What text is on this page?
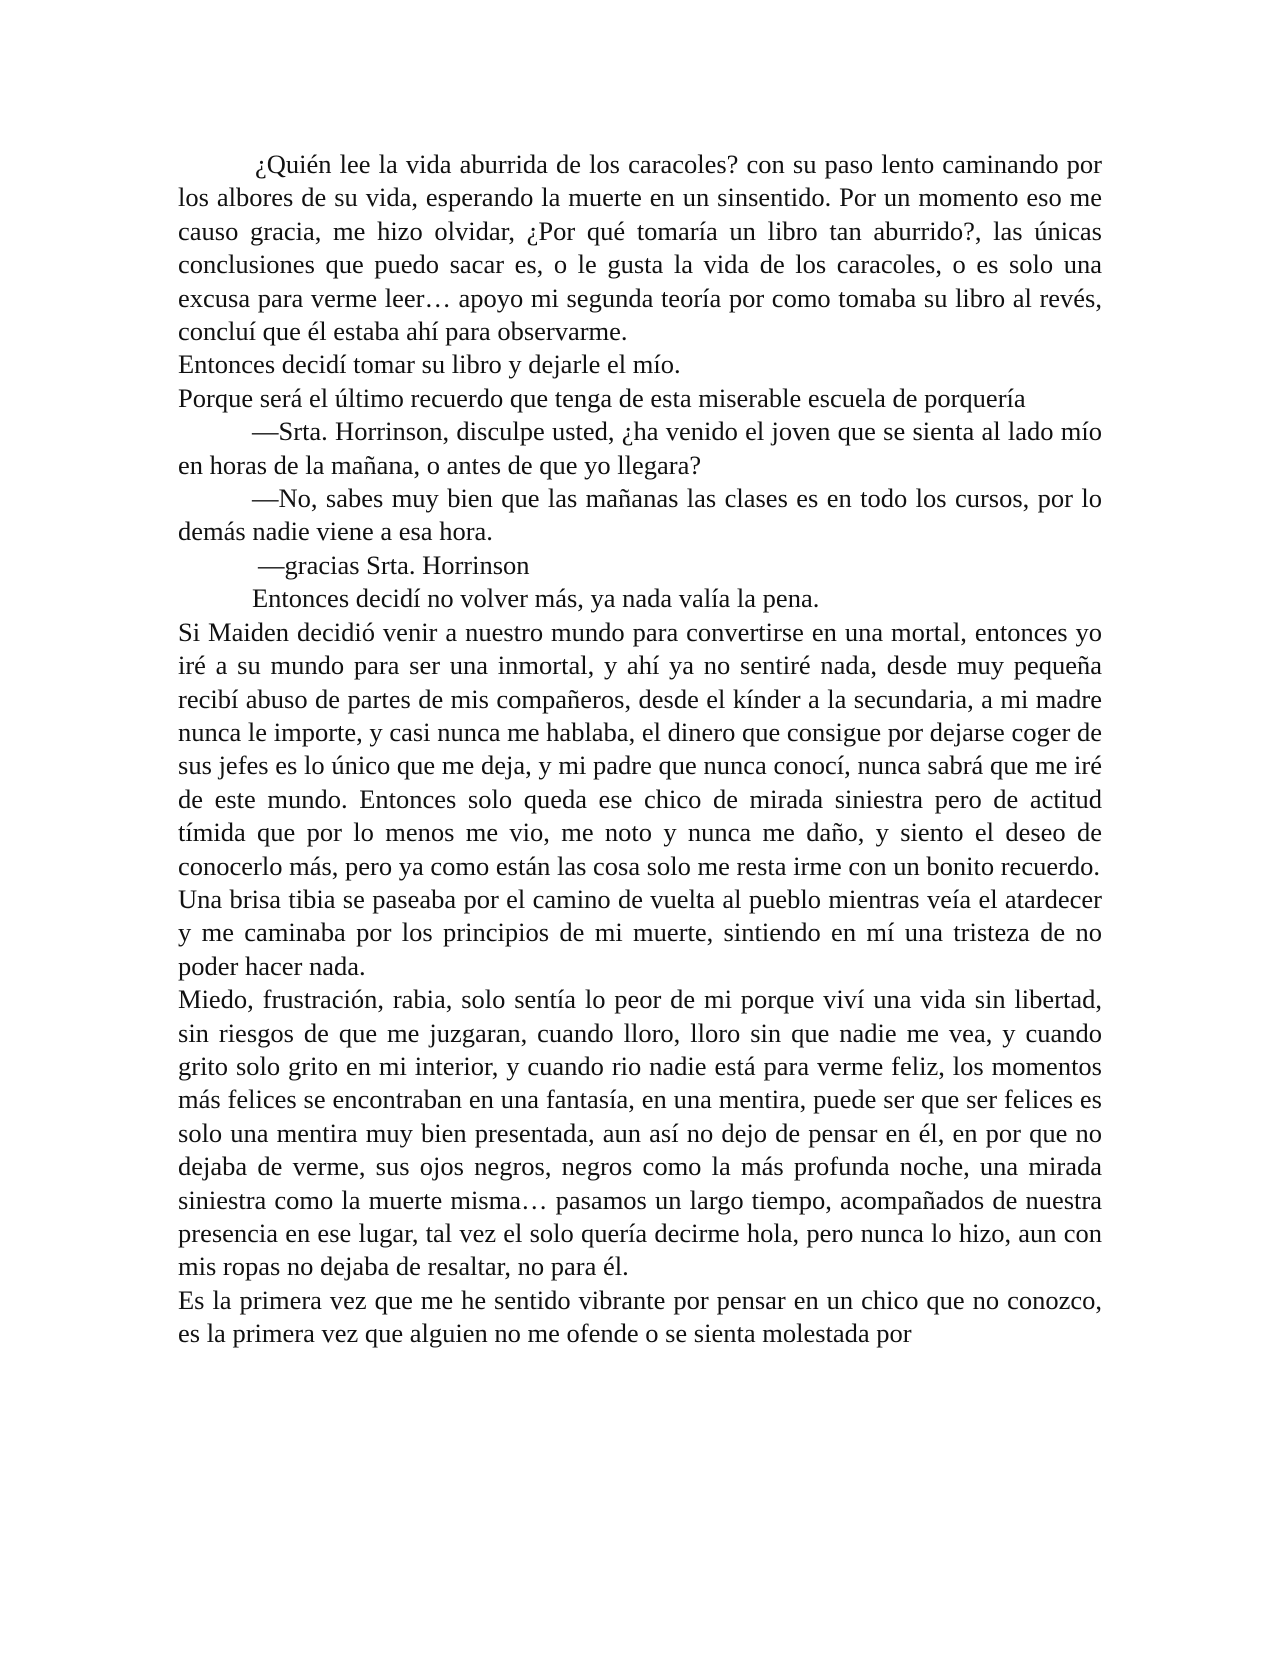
¿Quién lee la vida aburrida de los caracoles? con su paso lento caminando por los albores de su vida, esperando la muerte en un sinsentido. Por un momento eso me causo gracia, me hizo olvidar, ¿Por qué tomaría un libro tan aburrido?, las únicas conclusiones que puedo sacar es, o le gusta la vida de los caracoles, o es solo una excusa para verme leer… apoyo mi segunda teoría por como tomaba su libro al revés, concluí que él estaba ahí para observarme.

Entonces decidí tomar su libro y dejarle el mío.

Porque será el último recuerdo que tenga de esta miserable escuela de porquería

—Srta. Horrinson, disculpe usted, ¿ha venido el joven que se sienta al lado mío en horas de la mañana, o antes de que yo llegara?

—No, sabes muy bien que las mañanas las clases es en todo los cursos, por lo demás nadie viene a esa hora.

—gracias Srta. Horrinson

Entonces decidí no volver más, ya nada valía la pena.

Si Maiden decidió venir a nuestro mundo para convertirse en una mortal, entonces yo iré a su mundo para ser una inmortal, y ahí ya no sentiré nada, desde muy pequeña recibí abuso de partes de mis compañeros, desde el kínder a la secundaria, a mi madre nunca le importe, y casi nunca me hablaba, el dinero que consigue por dejarse coger de sus jefes es lo único que me deja, y mi padre que nunca conocí, nunca sabrá que me iré de este mundo. Entonces solo queda ese chico de mirada siniestra pero de actitud tímida que por lo menos me vio, me noto y nunca me daño, y siento el deseo de conocerlo más, pero ya como están las cosa solo me resta irme con un bonito recuerdo.

Una brisa tibia se paseaba por el camino de vuelta al pueblo mientras veía el atardecer y me caminaba por los principios de mi muerte, sintiendo en mí una tristeza de no poder hacer nada.

Miedo, frustración, rabia, solo sentía lo peor de mi porque viví una vida sin libertad, sin riesgos de que me juzgaran, cuando lloro, lloro sin que nadie me vea, y cuando grito solo grito en mi interior, y cuando rio nadie está para verme feliz, los momentos más felices se encontraban en una fantasía, en una mentira, puede ser que ser felices es solo una mentira muy bien presentada, aun así no dejo de pensar en él, en por que no dejaba de verme, sus ojos negros, negros como la más profunda noche, una mirada siniestra como la muerte misma… pasamos un largo tiempo, acompañados de nuestra presencia en ese lugar, tal vez el solo quería decirme hola, pero nunca lo hizo, aun con mis ropas no dejaba de resaltar, no para él.

Es la primera vez que me he sentido vibrante por pensar en un chico que no conozco, es la primera vez que alguien no me ofende o se sienta molestada por
